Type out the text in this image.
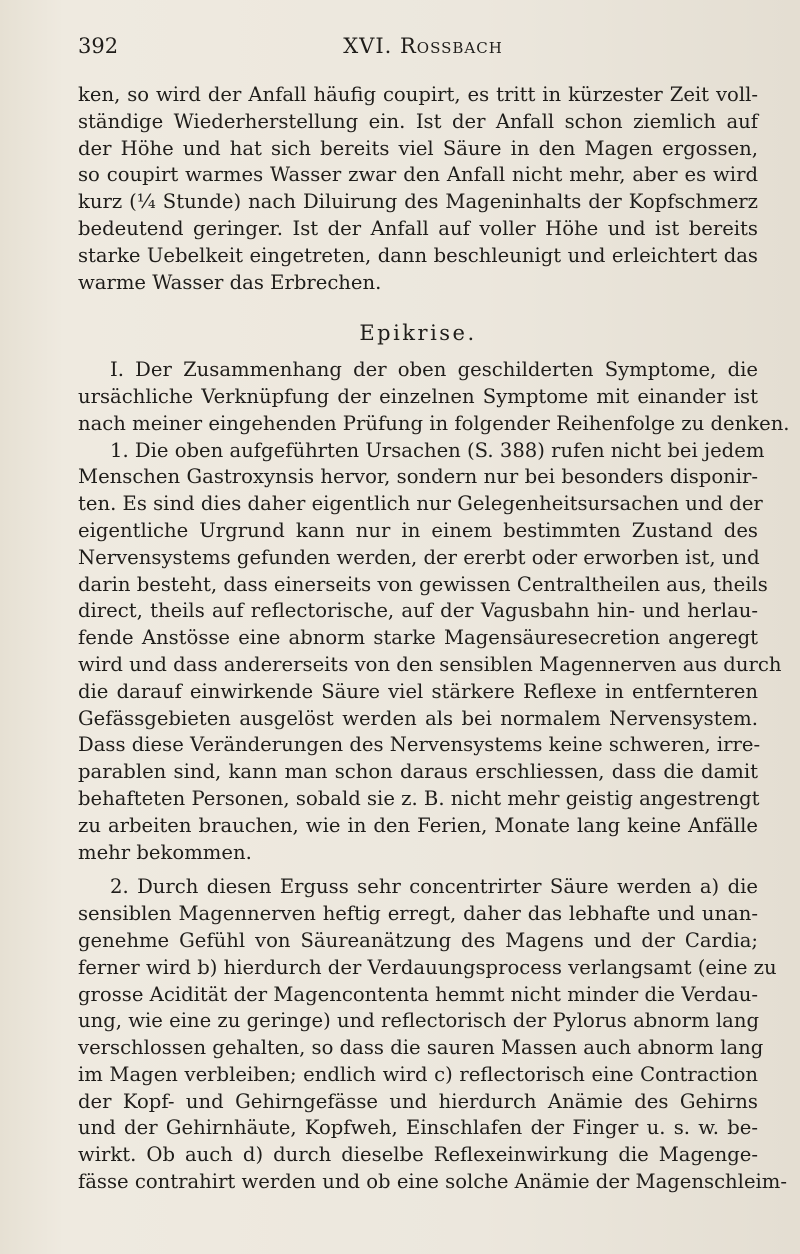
392	XVI. Rossbach
ken, so wird der Anfall häufig coupirt, es tritt in kürzester Zeit voll-
ständige Wiederherstellung ein. Ist der Anfall schon ziemlich auf
der Höhe und hat sich bereits viel Säure in den Magen ergossen,
so coupirt warmes Wasser zwar den Anfall nicht mehr, aber es wird
kurz (¼ Stunde) nach Diluirung des Mageninhalts der Kopfschmerz
bedeutend geringer. Ist der Anfall auf voller Höhe und ist bereits
starke Uebelkeit eingetreten, dann beschleunigt und erleichtert das
warme Wasser das Erbrechen.
Epikrise.
I. Der Zusammenhang der oben geschilderten Symptome, die
ursächliche Verknüpfung der einzelnen Symptome mit einander ist
nach meiner eingehenden Prüfung in folgender Reihenfolge zu denken.
1. Die oben aufgeführten Ursachen (S. 388) rufen nicht bei jedem
Menschen Gastroxynsis hervor, sondern nur bei besonders disponir-
ten. Es sind dies daher eigentlich nur Gelegenheitsursachen und der
eigentliche Urgrund kann nur in einem bestimmten Zustand des
Nervensystems gefunden werden, der ererbt oder erworben ist, und
darin besteht, dass einerseits von gewissen Centraltheilen aus, theils
direct, theils auf reflectorische, auf der Vagusbahn hin- und herlau-
fende Anstösse eine abnorm starke Magensäuresecretion angeregt
wird und dass andererseits von den sensiblen Magennerven aus durch
die darauf einwirkende Säure viel stärkere Reflexe in entfernteren
Gefässgebieten ausgelöst werden als bei normalem Nervensystem.
Dass diese Veränderungen des Nervensystems keine schweren, irre-
parablen sind, kann man schon daraus erschliessen, dass die damit
behafteten Personen, sobald sie z. B. nicht mehr geistig angestrengt
zu arbeiten brauchen, wie in den Ferien, Monate lang keine Anfälle
mehr bekommen.
2. Durch diesen Erguss sehr concentrirter Säure werden a) die
sensiblen Magennerven heftig erregt, daher das lebhafte und unan-
genehme Gefühl von Säureanätzung des Magens und der Cardia;
ferner wird b) hierdurch der Verdauungsprocess verlangsamt (eine zu
grosse Acidität der Magencontenta hemmt nicht minder die Verdau-
ung, wie eine zu geringe) und reflectorisch der Pylorus abnorm lang
verschlossen gehalten, so dass die sauren Massen auch abnorm lang
im Magen verbleiben; endlich wird c) reflectorisch eine Contraction
der Kopf- und Gehirngefässe und hierdurch Anämie des Gehirns
und der Gehirnhäute, Kopfweh, Einschlafen der Finger u. s. w. be-
wirkt. Ob auch d) durch dieselbe Reflexeinwirkung die Magenge-
fässe contrahirt werden und ob eine solche Anämie der Magenschleim-
